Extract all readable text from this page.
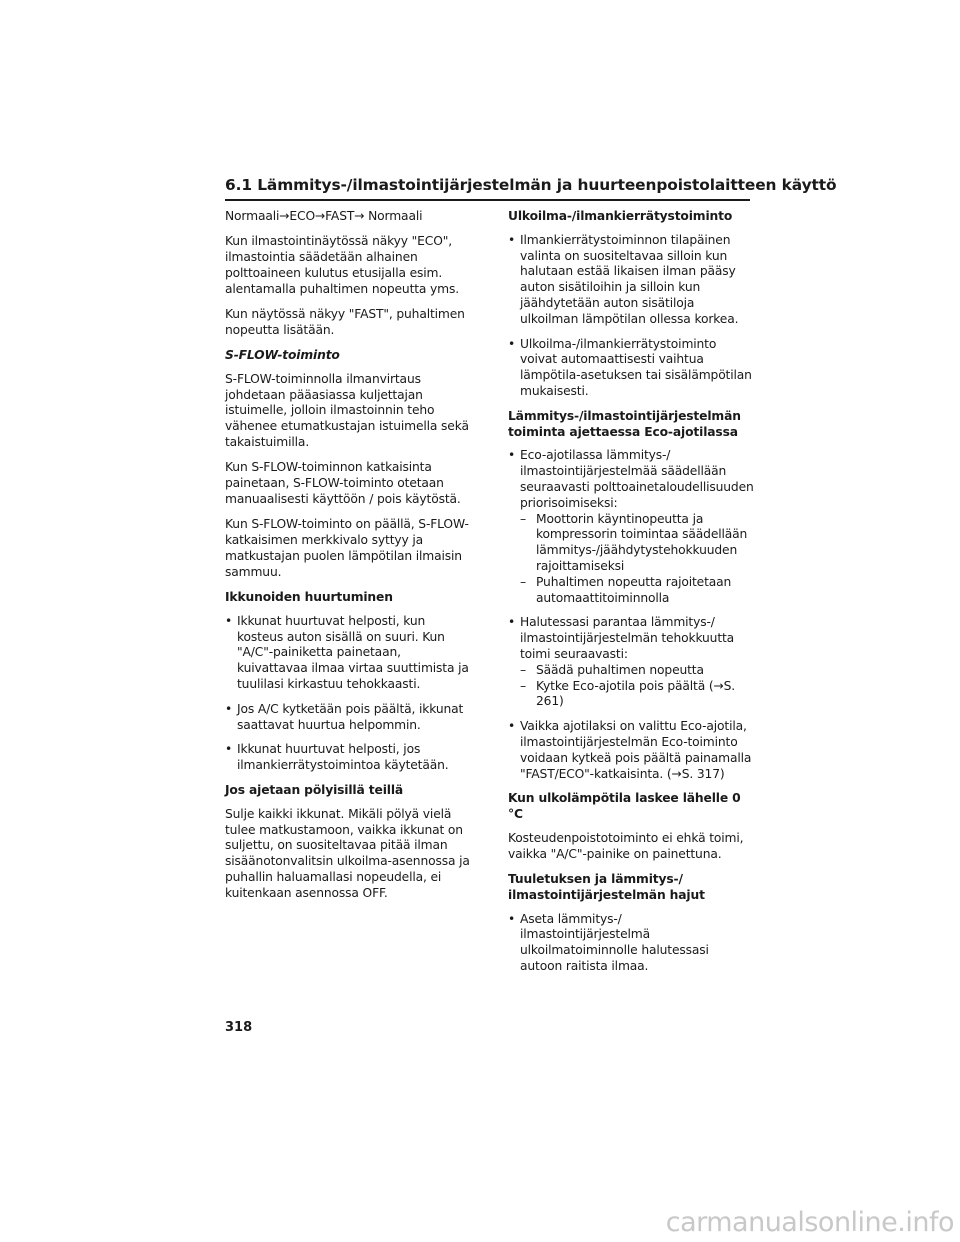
6.1 Lämmitys-/ilmastointijärjestelmän ja huurteenpoistolaitteen käyttö

Normaali→ECO→FAST→ Normaali

Kun ilmastointinäytössä näkyy "ECO", ilmastointia säädetään alhainen polttoaineen kulutus etusijalla esim. alentamalla puhaltimen nopeutta yms.

Kun näytössä näkyy "FAST", puhaltimen nopeutta lisätään.

S-FLOW-toiminto

S-FLOW-toiminnolla ilmanvirtaus johdetaan pääasiassa kuljettajan istuimelle, jolloin ilmastoinnin teho vähenee etumatkustajan istuimella sekä takaistuimilla.

Kun S-FLOW-toiminnon katkaisinta painetaan, S-FLOW-toiminto otetaan manuaalisesti käyttöön / pois käytöstä.

Kun S-FLOW-toiminto on päällä, S-FLOW-katkaisimen merkkivalo syttyy ja matkustajan puolen lämpötilan ilmaisin sammuu.

Ikkunoiden huurtuminen

• Ikkunat huurtuvat helposti, kun kosteus auton sisällä on suuri. Kun "A/C"-painiketta painetaan, kuivattavaa ilmaa virtaa suuttimista ja tuulilasi kirkastuu tehokkaasti.
• Jos A/C kytketään pois päältä, ikkunat saattavat huurtua helpommin.
• Ikkunat huurtuvat helposti, jos ilmankierrätystoimintoa käytetään.

Jos ajetaan pölyisillä teillä

Sulje kaikki ikkunat. Mikäli pölyä vielä tulee matkustamoon, vaikka ikkunat on suljettu, on suositeltavaa pitää ilman sisäänotonvalitsin ulkoilma-asennossa ja puhallin haluamallasi nopeudella, ei kuitenkaan asennossa OFF.

Ulkoilma-/ilmankierrätystoiminto

• Ilmankierrätystoiminnon tilapäinen valinta on suositeltavaa silloin kun halutaan estää likaisen ilman pääsy auton sisätiloihin ja silloin kun jäähdytetään auton sisätiloja ulkoilman lämpötilan ollessa korkea.
• Ulkoilma-/ilmankierrätystoiminto voivat automaattisesti vaihtua lämpötila-asetuksen tai sisälämpötilan mukaisesti.

Lämmitys-/ilmastointijärjestelmän toiminta ajettaessa Eco-ajotilassa

• Eco-ajotilassa lämmitys-/ ilmastointijärjestelmää säädellään seuraavasti polttoainetaloudellisuuden priorisoimiseksi:
– Moottorin käyntinopeutta ja kompressorin toimintaa säädellään lämmitys-/jäähdytystehokkuuden rajoittamiseksi
– Puhaltimen nopeutta rajoitetaan automaattitoiminnolla
• Halutessasi parantaa lämmitys-/ ilmastointijärjestelmän tehokkuutta toimi seuraavasti:
– Säädä puhaltimen nopeutta
– Kytke Eco-ajotila pois päältä (→S. 261)
• Vaikka ajotilaksi on valittu Eco-ajotila, ilmastointijärjestelmän Eco-toiminto voidaan kytkeä pois päältä painamalla "FAST/ECO"-katkaisinta. (→S. 317)

Kun ulkolämpötila laskee lähelle 0 °C

Kosteudenpoistotoiminto ei ehkä toimi, vaikka "A/C"-painike on painettuna.

Tuuletuksen ja lämmitys-/ ilmastointijärjestelmän hajut

• Aseta lämmitys-/ ilmastointijärjestelmä ulkoilmatoiminnolle halutessasi autoon raitista ilmaa.
318
carmanualsonline.info
